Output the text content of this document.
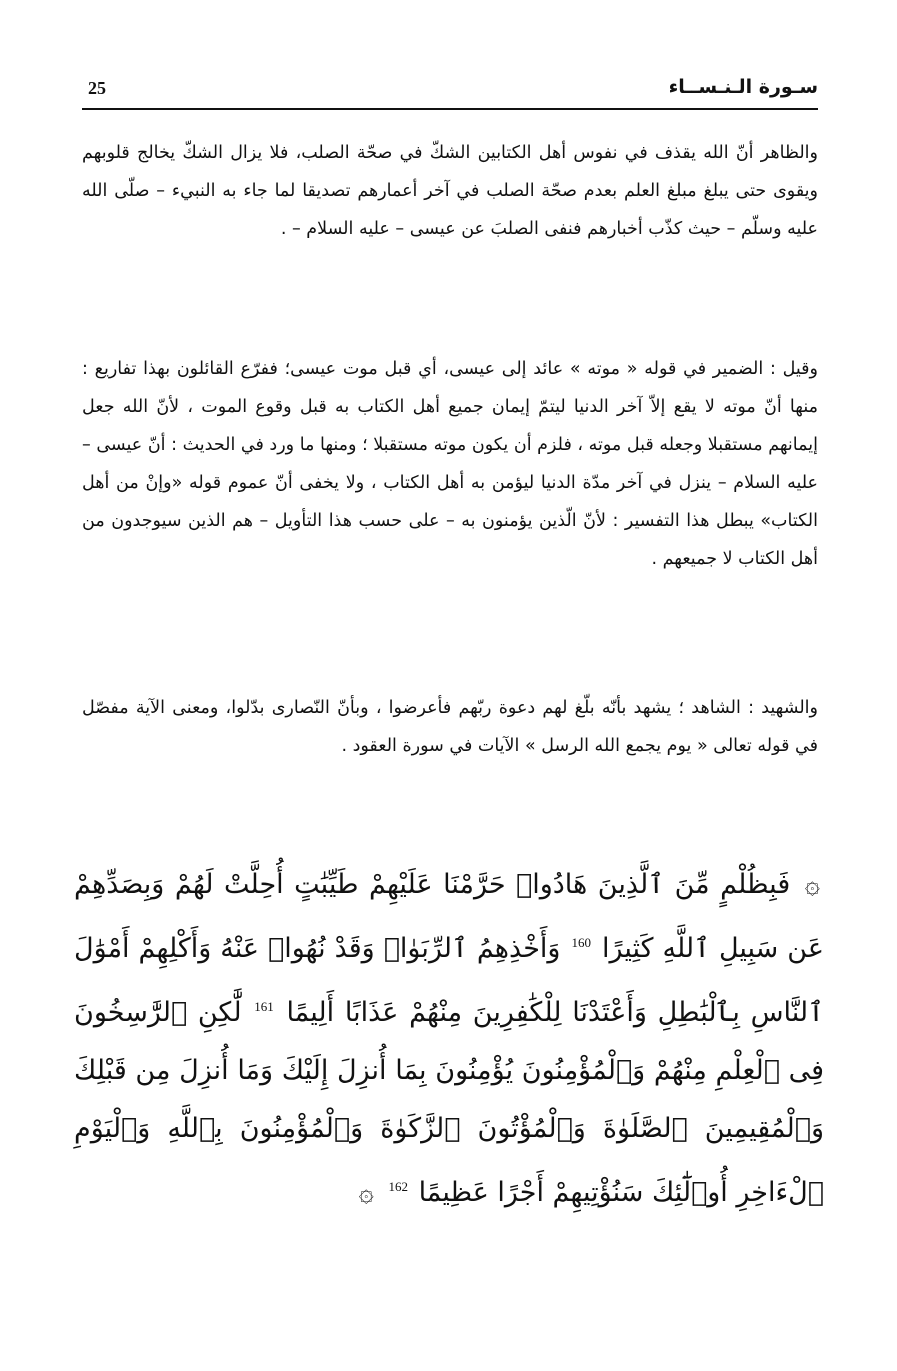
25	سـورة الـنـســاء

والظاهر أنّ الله يقذف في نفوس أهل الكتابين الشكّ في صحّة الصلب، فلا يزال الشكّ يخالج قلوبهم ويقوى حتى يبلغ مبلغ العلم بعدم صحّة الصلب في آخر أعمارهم تصديقا لما جاء به النبيء – صلّى الله عليه وسلّم – حيث كذّب أخبارهم فنفى الصلبَ عن عيسى – عليه السلام – .

وقيل : الضمير في قوله « موته » عائد إلى عيسى، أي قبل موت عيسى؛ ففرّع القائلون بهذا تفاريع : منها أنّ موته لا يقع إلاّ آخر الدنيا ليتمّ إيمان جميع أهل الكتاب به قبل وقوع الموت ، لأنّ الله جعل إيمانهم مستقبلا وجعله قبل موته ، فلزم أن يكون موته مستقبلا ؛ ومنها ما ورد في الحديث : أنّ عيسى – عليه السلام – ينزل في آخر مدّة الدنيا ليؤمن به أهل الكتاب ، ولا يخفى أنّ عموم قوله «وإنْ من أهل الكتاب» يبطل هذا التفسير : لأنّ الّذين يؤمنون به – على حسب هذا التأويل – هم الذين سيوجدون من أهل الكتاب لا جميعهم .

والشهيد : الشاهد ؛ يشهد بأنّه بلّغ لهم دعوة ربّهم فأعرضوا ، وبأنّ النّصارى بدّلوا، ومعنى الآية مفصّل في قوله تعالى « يوم يجمع الله الرسل » الآيات في سورة العقود .

۞ فَبِظُلْمٍ مِّنَ ٱلَّذِينَ هَادُوا۟ حَرَّمْنَا عَلَيْهِمْ طَيِّبَٰتٍ أُحِلَّتْ لَهُمْ وَبِصَدِّهِمْ عَن سَبِيلِ ٱللَّهِ كَثِيرًا 160 وَأَخْذِهِمُ ٱلرِّبَوٰا۟ وَقَدْ نُهُوا۟ عَنْهُ وَأَكْلِهِمْ أَمْوَٰلَ ٱلنَّاسِ بِٱلْبَٰطِلِ وَأَعْتَدْنَا لِلْكَٰفِرِينَ مِنْهُمْ عَذَابًا أَلِيمًا 161 لَّٰكِنِ ٱلرَّٰسِخُونَ فِى ٱلْعِلْمِ مِنْهُمْ وَٱلْمُؤْمِنُونَ يُؤْمِنُونَ بِمَا أُنزِلَ إِلَيْكَ وَمَا أُنزِلَ مِن قَبْلِكَ وَٱلْمُقِيمِينَ ٱلصَّلَوٰةَ وَٱلْمُؤْتُونَ ٱلزَّكَوٰةَ وَٱلْمُؤْمِنُونَ بِٱللَّهِ وَٱلْيَوْمِ ٱلْءَاخِرِ أُو۟لَٰٓئِكَ سَنُؤْتِيهِمْ أَجْرًا عَظِيمًا 162 ۞
